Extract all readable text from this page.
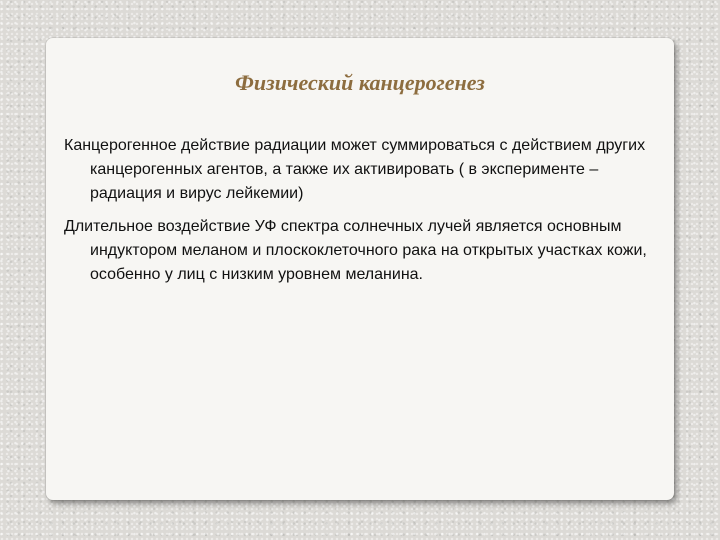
Физический канцерогенез

Канцерогенное действие радиации может суммироваться с действием других канцерогенных агентов, а также их активировать ( в эксперименте – радиация и вирус лейкемии)

Длительное воздействие УФ спектра солнечных лучей является основным индуктором меланом и плоскоклеточного рака на открытых участках кожи, особенно у лиц с низким уровнем меланина.
